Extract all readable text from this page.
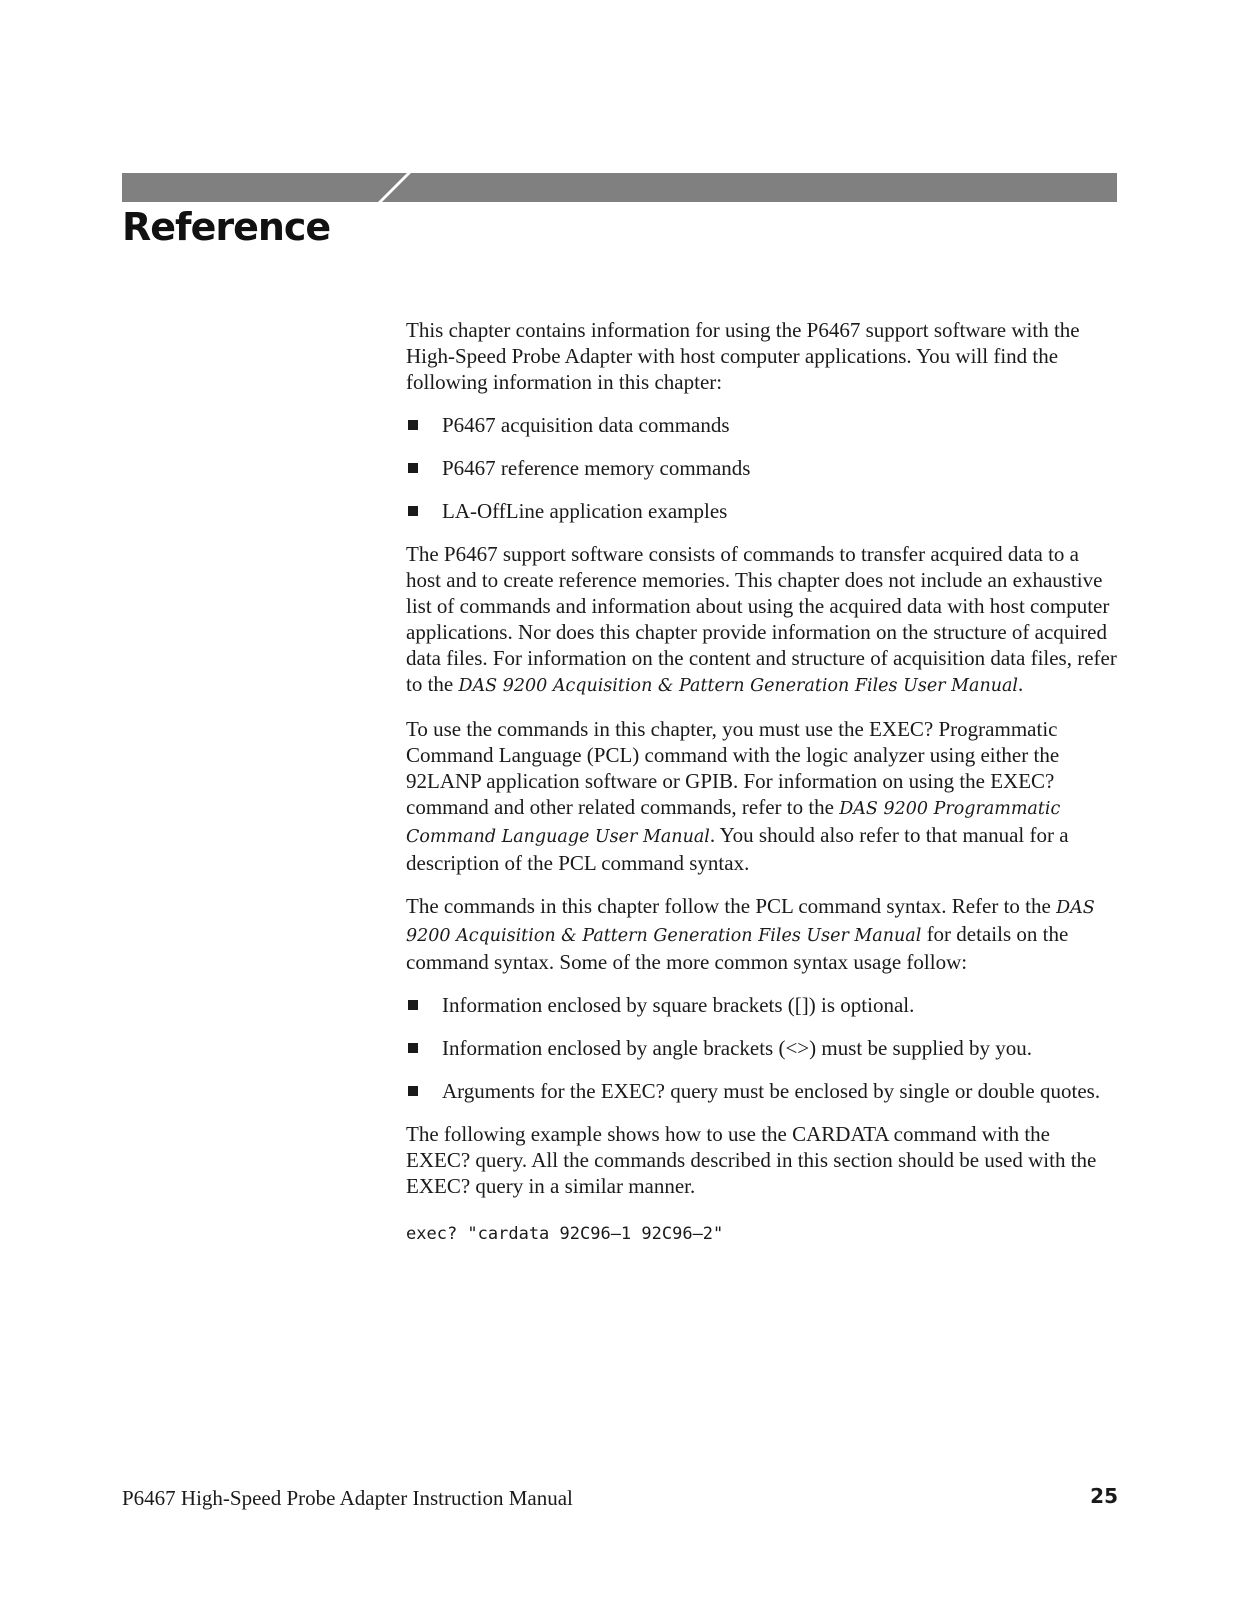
Reference

This chapter contains information for using the P6467 support software with the High-Speed Probe Adapter with host computer applications. You will find the following information in this chapter:

P6467 acquisition data commands
P6467 reference memory commands
LA-OffLine application examples

The P6467 support software consists of commands to transfer acquired data to a host and to create reference memories. This chapter does not include an exhaustive list of commands and information about using the acquired data with host computer applications. Nor does this chapter provide information on the structure of acquired data files. For information on the content and structure of acquisition data files, refer to the DAS 9200 Acquisition & Pattern Generation Files User Manual.

To use the commands in this chapter, you must use the EXEC? Programmatic Command Language (PCL) command with the logic analyzer using either the 92LANP application software or GPIB. For information on using the EXEC? command and other related commands, refer to the DAS 9200 Programmatic Command Language User Manual. You should also refer to that manual for a description of the PCL command syntax.

The commands in this chapter follow the PCL command syntax. Refer to the DAS 9200 Acquisition & Pattern Generation Files User Manual for details on the command syntax. Some of the more common syntax usage follow:

Information enclosed by square brackets ([]) is optional.
Information enclosed by angle brackets (<>) must be supplied by you.
Arguments for the EXEC? query must be enclosed by single or double quotes.

The following example shows how to use the CARDATA command with the EXEC? query. All the commands described in this section should be used with the EXEC? query in a similar manner.

exec? "cardata 92C96–1 92C96–2"
P6467 High-Speed Probe Adapter Instruction Manual	25
